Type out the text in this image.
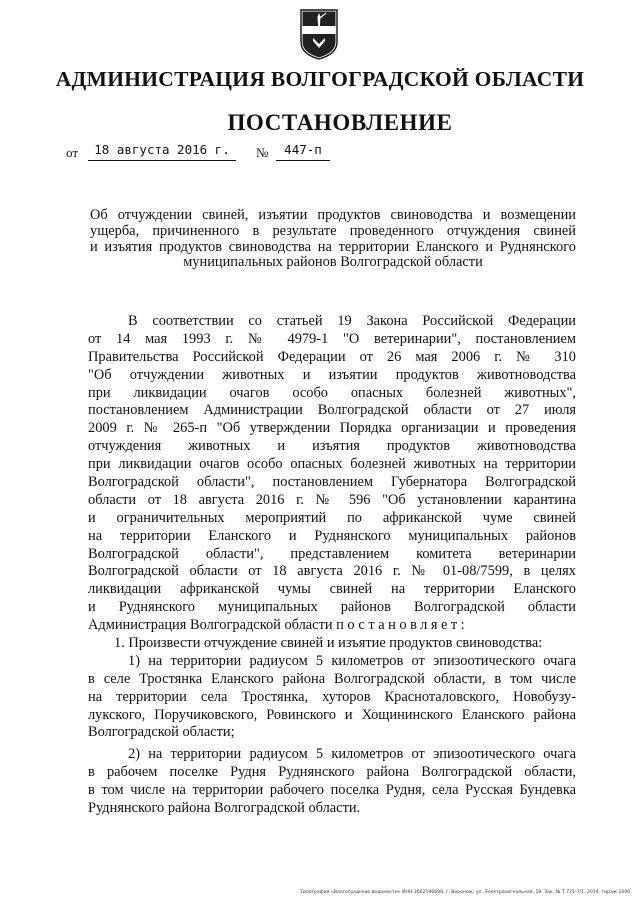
АДМИНИСТРАЦИЯ ВОЛГОГРАДСКОЙ ОБЛАСТИ
ПОСТАНОВЛЕНИЕ
от	18 августа 2016 г.	№	447-п
Об отчуждении свиней, изъятии продуктов свиноводства и возмещении
ущерба, причиненного в результате проведенного отчуждения свиней
и изъятия продуктов свиноводства на территории Еланского и Руднянского
муниципальных районов Волгоградской области
В соответствии со статьей 19 Закона Российской Федерации
от 14 мая 1993 г. № 4979-1 "О ветеринарии", постановлением
Правительства Российской Федерации от 26 мая 2006 г. № 310
"Об отчуждении животных и изъятии продуктов животноводства
при ликвидации очагов особо опасных болезней животных",
постановлением Администрации Волгоградской области от 27 июля
2009 г. № 265-п "Об утверждении Порядка организации и проведения
отчуждения животных и изъятия продуктов животноводства
при ликвидации очагов особо опасных болезней животных на территории
Волгоградской области", постановлением Губернатора Волгоградской
области от 18 августа 2016 г. № 596 "Об установлении карантина
и ограничительных мероприятий по африканской чуме свиней
на территории Еланского и Руднянского муниципальных районов
Волгоградской области", представлением комитета ветеринарии
Волгоградской области от 18 августа 2016 г. № 01-08/7599, в целях
ликвидации африканской чумы свиней на территории Еланского
и Руднянского муниципальных районов Волгоградской области
Администрация Волгоградской области постановляет:
1. Произвести отчуждение свиней и изъятие продуктов свиноводства:
1) на территории радиусом 5 километров от эпизоотического очага
в селе Тростянка Еланского района Волгоградской области, в том числе
на территории села Тростянка, хуторов Красноталовского, Новобузу-
лукского, Поручиковского, Ровинского и Хощининского Еланского района
Волгоградской области;
2) на территории радиусом 5 километров от эпизоотического очага
в рабочем поселке Рудня Руднянского района Волгоградской области,
в том числе на территории рабочего поселка Рудня, села Русская Бундевка
Руднянского района Волгоградской области.
Типография «Волгоградские ведомости» ИНН 3662196690, г. Воронеж, ул. Электросигнальная, 19. Зак. № Т.721-7/1. 2014. тираж 1000
